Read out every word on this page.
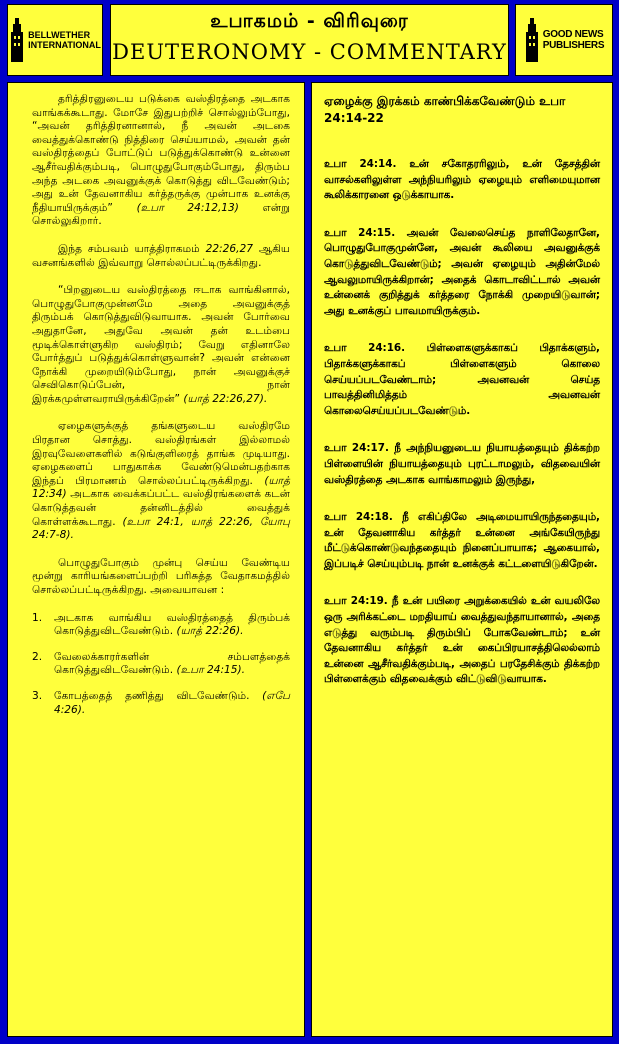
BELLWETHER
INTERNATIONAL
உபாகமம் - விரிவுரை
DEUTERONOMY - COMMENTARY
GOOD NEWS
PUBLISHERS

தரித்திரனுடைய படுக்கை வஸ்திரத்தை அடகாக வாங்கக்கூடாது. மோசே இதுபற்றிச் சொல்லும்போது, “அவன் தரித்திரனானால், நீ அவன் அடகை வைத்துக்கொண்டு நித்திரை செய்யாமல், அவன் தன் வஸ்திரத்தைப் போட்டுப் படுத்துக்கொண்டு உன்னை ஆசீர்வதிக்கும்படி, பொழுதுபோகும்போது, திரும்ப அந்த அடகை அவனுக்குக் கொடுத்து விடவேண்டும்; அது உன் தேவனாகிய கர்த்தருக்கு முன்பாக உனக்கு நீதியாயிருக்கும்” (உபா 24:12,13) என்று சொல்லுகிறார்.

இந்த சம்பவம் யாத்திராகமம் 22:26,27 ஆகிய வசனங்களில் இவ்வாறு சொல்லப்பட்டிருக்கிறது.

“பிறனுடைய வஸ்திரத்தை ஈடாக வாங்கினால், பொழுதுபோகுமுன்னமே அதை அவனுக்குத் திரும்பக் கொடுத்துவிடுவாயாக. அவன் போர்வை அதுதானே, அதுவே அவன் தன் உடம்பை மூடிக்கொள்ளுகிற வஸ்திரம்; வேறு எதினாலே போர்த்துப் படுத்துக்கொள்ளுவான்? அவன் என்னை நோக்கி முறையிடும்போது, நான் அவனுக்குச் செவிகொடுப்பேன், நான் இரக்கமுள்ளவராயிருக்கிறேன்” (யாத் 22:26,27).

ஏழைகளுக்குத் தங்களுடைய வஸ்திரமே பிரதான சொத்து. வஸ்திரங்கள் இல்லாமல் இரவுவேளைகளில் கடுங்குளிரைத் தாங்க முடியாது. ஏழைகளைப் பாதுகாக்க வேண்டுமென்பதற்காக இந்தப் பிரமாணம் சொல்லப்பட்டிருக்கிறது. (யாத் 12:34) அடகாக வைக்கப்பட்ட வஸ்திரங்களைக் கடன் கொடுத்தவன் தன்னிடத்தில் வைத்துக் கொள்ளக்கூடாது. (உபா 24:1, யாத் 22:26, யோபு 24:7-8).

பொழுதுபோகும் முன்பு செய்ய வேண்டிய மூன்று காரியங்களைப்பற்றி பரிசுத்த வேதாகமத்தில் சொல்லப்பட்டிருக்கிறது. அவையாவன :

1.	அடகாக வாங்கிய வஸ்திரத்தைத் திரும்பக் கொடுத்துவிடவேண்டும். (யாத் 22:26).
2.	வேலைக்காரர்களின் சம்பளத்தைக் கொடுத்துவிடவேண்டும். (உபா 24:15).
3.	கோபத்தைத் தணித்து விடவேண்டும். (எபே 4:26).
ஏழைக்கு இரக்கம் காண்பிக்கவேண்டும் உபா 24:14-22
உபா 24:14. உன் சகோதரரிலும், உன் தேசத்தின் வாசல்களிலுள்ள அந்நியரிலும் ஏழையும் எளிமையுமான கூலிக்காரனை ஒடுக்காயாக.
உபா 24:15. அவன் வேலைசெய்த நாளிலேதானே, பொழுதுபோகுமுன்னே, அவன் கூலியை அவனுக்குக் கொடுத்துவிடவேண்டும்; அவன் ஏழையும் அதின்மேல் ஆவலுமாயிருக்கிறான்; அதைக் கொடாவிட்டால் அவன் உன்னைக் குறித்துக் கர்த்தரை நோக்கி முறையிடுவான்; அது உனக்குப் பாவமாயிருக்கும்.
உபா 24:16. பிள்ளைகளுக்காகப் பிதாக்களும், பிதாக்களுக்காகப் பிள்ளைகளும் கொலை செய்யப்படவேண்டாம்; அவனவன் செய்த பாவத்தினிமித்தம் அவனவன் கொலைசெய்யப்படவேண்டும்.
உபா 24:17. நீ அந்நியனுடைய நியாயத்தையும் திக்கற்ற பிள்ளையின் நியாயத்தையும் புரட்டாமலும், விதவையின் வஸ்திரத்தை அடகாக வாங்காமலும் இருந்து,
உபா 24:18. நீ எகிப்திலே அடிமையாயிருந்ததையும், உன் தேவனாகிய கர்த்தர் உன்னை அங்கேயிருந்து மீட்டுக்கொண்டுவந்ததையும் நினைப்பாயாக; ஆகையால், இப்படிச் செய்யும்படி நான் உனக்குக் கட்டளையிடுகிறேன்.
உபா 24:19. நீ உன் பயிரை அறுக்கையில் உன் வயலிலே ஒரு அரிக்கட்டை மறதியாய் வைத்துவந்தாயானால், அதை எடுத்து வரும்படி திரும்பிப் போகவேண்டாம்; உன் தேவனாகிய கர்த்தர் உன் கைப்பிரயாசத்திலெல்லாம் உன்னை ஆசீர்வதிக்கும்படி, அதைப் பரதேசிக்கும் திக்கற்ற பிள்ளைக்கும் விதவைக்கும் விட்டுவிடுவாயாக.
